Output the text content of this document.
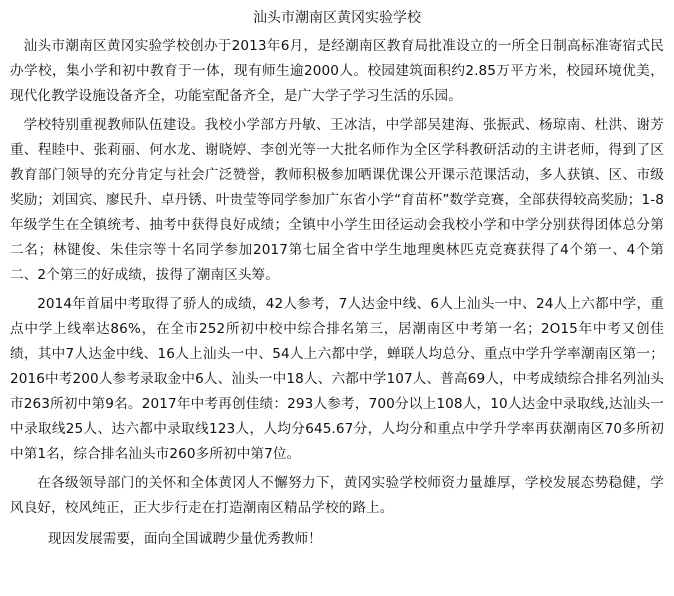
汕头市潮南区黄冈实验学校

汕头市潮南区黄冈实验学校创办于2013年6月，是经潮南区教育局批准设立的一所全日制高标准寄宿式民办学校，集小学和初中教育于一体，现有师生逾2000人。校园建筑面积约2.85万平方米，校园环境优美，现代化教学设施设备齐全，功能室配备齐全，是广大学子学习生活的乐园。

学校特别重视教师队伍建设。我校小学部方丹敏、王冰洁，中学部吴建海、张振武、杨琼南、杜洪、谢芳重、程睦中、张莉丽、何水龙、谢晓婷、李创光等一大批名师作为全区学科教研活动的主讲老师，得到了区教育部门领导的充分肯定与社会广泛赞誉，教师积极参加晒课优课公开课示范课活动，多人获镇、区、市级奖励；刘国宾、廖民升、卓丹锈、叶贵莹等同学参加广东省小学“育苗杯”数学竞赛，全部获得较高奖励；1-8年级学生在全镇统考、抽考中获得良好成绩；全镇中小学生田径运动会我校小学和中学分别获得团体总分第二名；林键俊、朱佳宗等十名同学参加2017第七届全省中学生地理奥林匹克竞赛获得了4个第一、4个第二、2个第三的好成绩，拔得了潮南区头筹。

2014年首届中考取得了骄人的成绩，42人参考，7人达金中线、6人上汕头一中、24人上六都中学，重点中学上线率达86%，在全市252所初中校中综合排名第三，居潮南区中考第一名；2O15年中考又创佳绩，其中7人达金中线、16人上汕头一中、54人上六都中学，蝉联人均总分、重点中学升学率潮南区第一；2016中考200人参考录取金中6人、汕头一中18人、六都中学107人、普高69人，中考成绩综合排名列汕头市263所初中第9名。2017年中考再创佳绩：293人参考，700分以上108人，10人达金中录取线,达汕头一中录取线25人、达六都中录取线123人，人均分645.67分，人均分和重点中学升学率再获潮南区70多所初中第1名，综合排名汕头市260多所初中第7位。

在各级领导部门的关怀和全体黄冈人不懈努力下，黄冈实验学校师资力量雄厚，学校发展态势稳健，学风良好，校风纯正，正大步行走在打造潮南区精品学校的路上。

现因发展需要，面向全国诚聘少量优秀教师！
